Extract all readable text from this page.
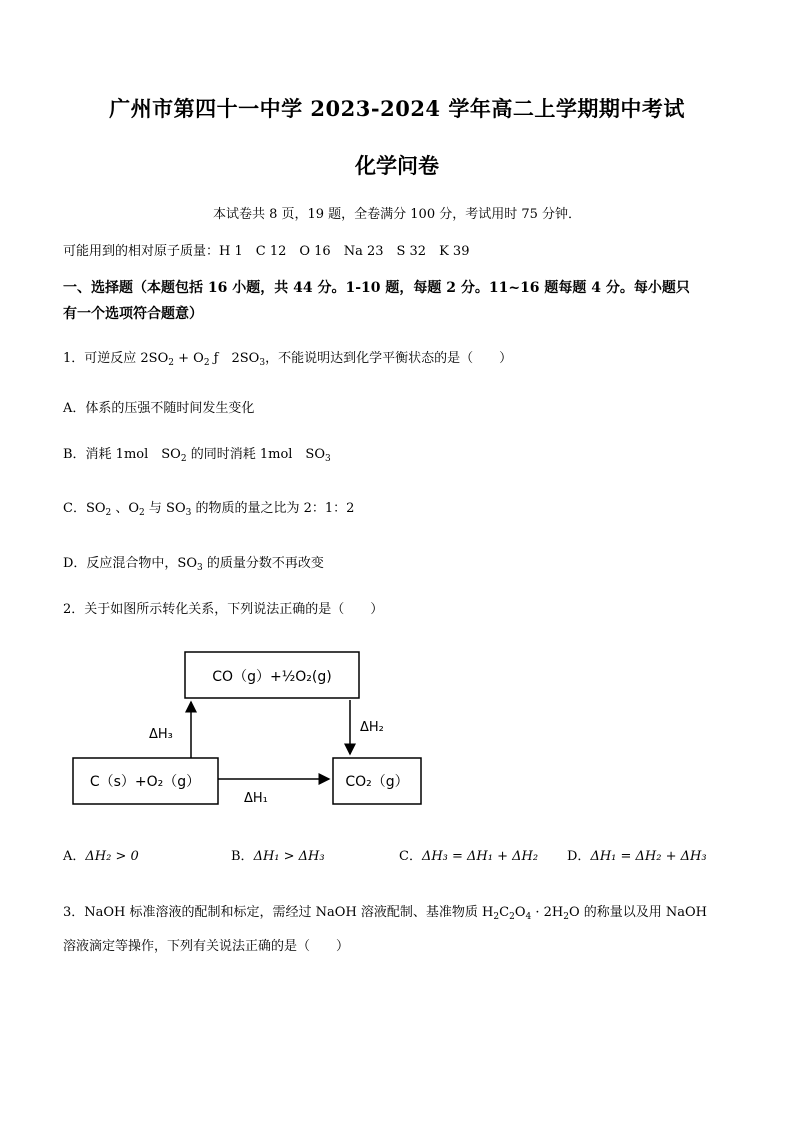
广州市第四十一中学 2023-2024 学年高二上学期期中考试
化学问卷
本试卷共 8 页，19 题，全卷满分 100 分，考试用时 75 分钟．
可能用到的相对原子质量：H 1　C 12　O 16　Na 23　S 32　K 39
一、选择题（本题包括 16 小题，共 44 分。1-10 题，每题 2 分。11~16 题每题 4 分。每小题只
有一个选项符合题意）
1．可逆反应 $2SO_2 + O_2$ ƒ　$2SO_3$，不能说明达到化学平衡状态的是（　　）
A．体系的压强不随时间发生变化
B．消耗 1mol　$SO_2$ 的同时消耗 1mol　$SO_3$
C．$SO_2$ 、$O_2$ 与 $SO_3$ 的物质的量之比为 2：1：2
D．反应混合物中，$SO_3$ 的质量分数不再改变
2．关于如图所示转化关系，下列说法正确的是（　　）
CO（g）+½O₂(g)
C（s）+O₂（g）	CO₂（g）
ΔH₃	ΔH₂
ΔH₁
A．ΔH₂ > 0	B．ΔH₁ > ΔH₃	C．ΔH₃ = ΔH₁ + ΔH₂ D．ΔH₁ = ΔH₂ + ΔH₃
3．NaOH 标准溶液的配制和标定，需经过 NaOH 溶液配制、基准物质 $H_2C_2O_4 \cdot 2H_2O$ 的称量以及用 NaOH
溶液滴定等操作，下列有关说法正确的是（　　）
